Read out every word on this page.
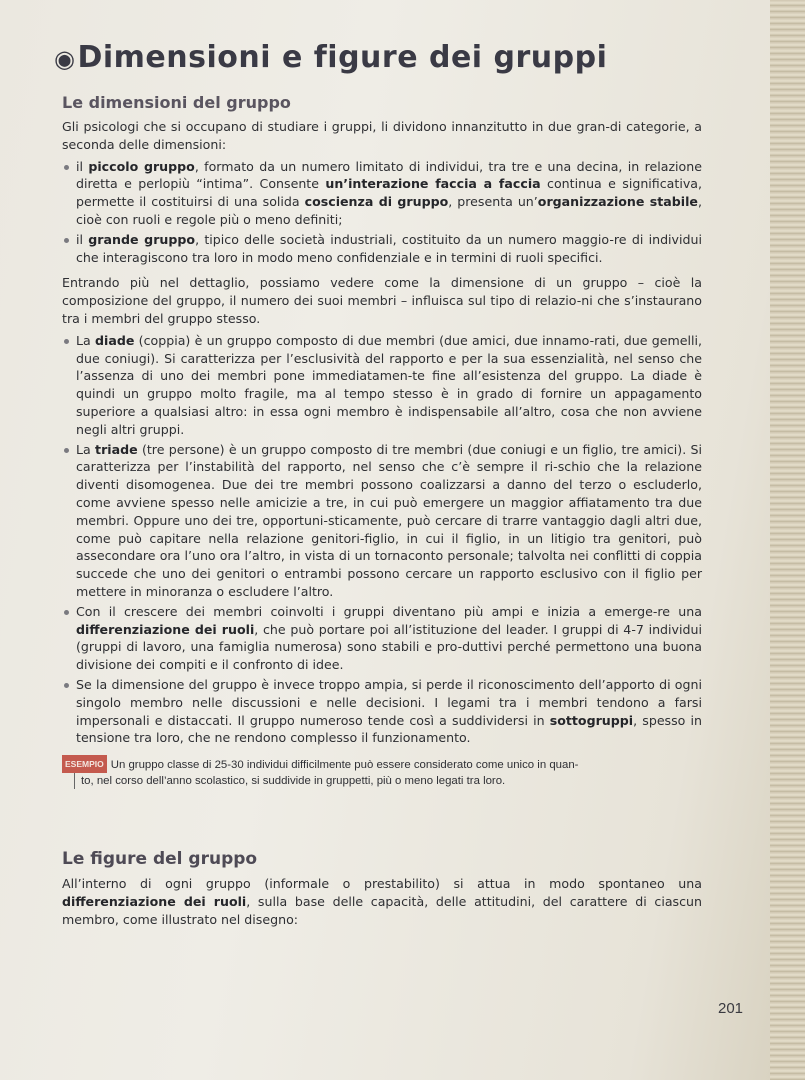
◉Dimensioni e figure dei gruppi
Le dimensioni del gruppo

Gli psicologi che si occupano di studiare i gruppi, li dividono innanzitutto in due gran-di categorie, a seconda delle dimensioni:

il piccolo gruppo, formato da un numero limitato di individui, tra tre e una decina, in relazione diretta e perlopiù “intima”. Consente un’interazione faccia a faccia continua e significativa, permette il costituirsi di una solida coscienza di gruppo, presenta un’organizzazione stabile, cioè con ruoli e regole più o meno definiti;
il grande gruppo, tipico delle società industriali, costituito da un numero maggio-re di individui che interagiscono tra loro in modo meno confidenziale e in termini di ruoli specifici.

Entrando più nel dettaglio, possiamo vedere come la dimensione di un gruppo – cioè la composizione del gruppo, il numero dei suoi membri – influisca sul tipo di relazio-ni che s’instaurano tra i membri del gruppo stesso.

La diade (coppia) è un gruppo composto di due membri (due amici, due innamo-rati, due gemelli, due coniugi). Si caratterizza per l’esclusività del rapporto e per la sua essenzialità, nel senso che l’assenza di uno dei membri pone immediatamen-te fine all’esistenza del gruppo. La diade è quindi un gruppo molto fragile, ma al tempo stesso è in grado di fornire un appagamento superiore a qualsiasi altro: in essa ogni membro è indispensabile all’altro, cosa che non avviene negli altri gruppi.
La triade (tre persone) è un gruppo composto di tre membri (due coniugi e un figlio, tre amici). Si caratterizza per l’instabilità del rapporto, nel senso che c’è sempre il ri-schio che la relazione diventi disomogenea. Due dei tre membri possono coalizzarsi a danno del terzo o escluderlo, come avviene spesso nelle amicizie a tre, in cui può emergere un maggior affiatamento tra due membri. Oppure uno dei tre, opportuni-sticamente, può cercare di trarre vantaggio dagli altri due, come può capitare nella relazione genitori-figlio, in cui il figlio, in un litigio tra genitori, può assecondare ora l’uno ora l’altro, in vista di un tornaconto personale; talvolta nei conflitti di coppia succede che uno dei genitori o entrambi possono cercare un rapporto esclusivo con il figlio per mettere in minoranza o escludere l’altro.
Con il crescere dei membri coinvolti i gruppi diventano più ampi e inizia a emerge-re una differenziazione dei ruoli, che può portare poi all’istituzione del leader. I gruppi di 4-7 individui (gruppi di lavoro, una famiglia numerosa) sono stabili e pro-duttivi perché permettono una buona divisione dei compiti e il confronto di idee.
Se la dimensione del gruppo è invece troppo ampia, si perde il riconoscimento dell’apporto di ogni singolo membro nelle discussioni e nelle decisioni. I legami tra i membri tendono a farsi impersonali e distaccati. Il gruppo numeroso tende così a suddividersi in sottogruppi, spesso in tensione tra loro, che ne rendono complesso il funzionamento.
ESEMPIO Un gruppo classe di 25-30 individui difficilmente può essere considerato come unico in quan-
to, nel corso dell’anno scolastico, si suddivide in gruppetti, più o meno legati tra loro.
Le figure del gruppo

All’interno di ogni gruppo (informale o prestabilito) si attua in modo spontaneo una differenziazione dei ruoli, sulla base delle capacità, delle attitudini, del carattere di ciascun membro, come illustrato nel disegno:

201
